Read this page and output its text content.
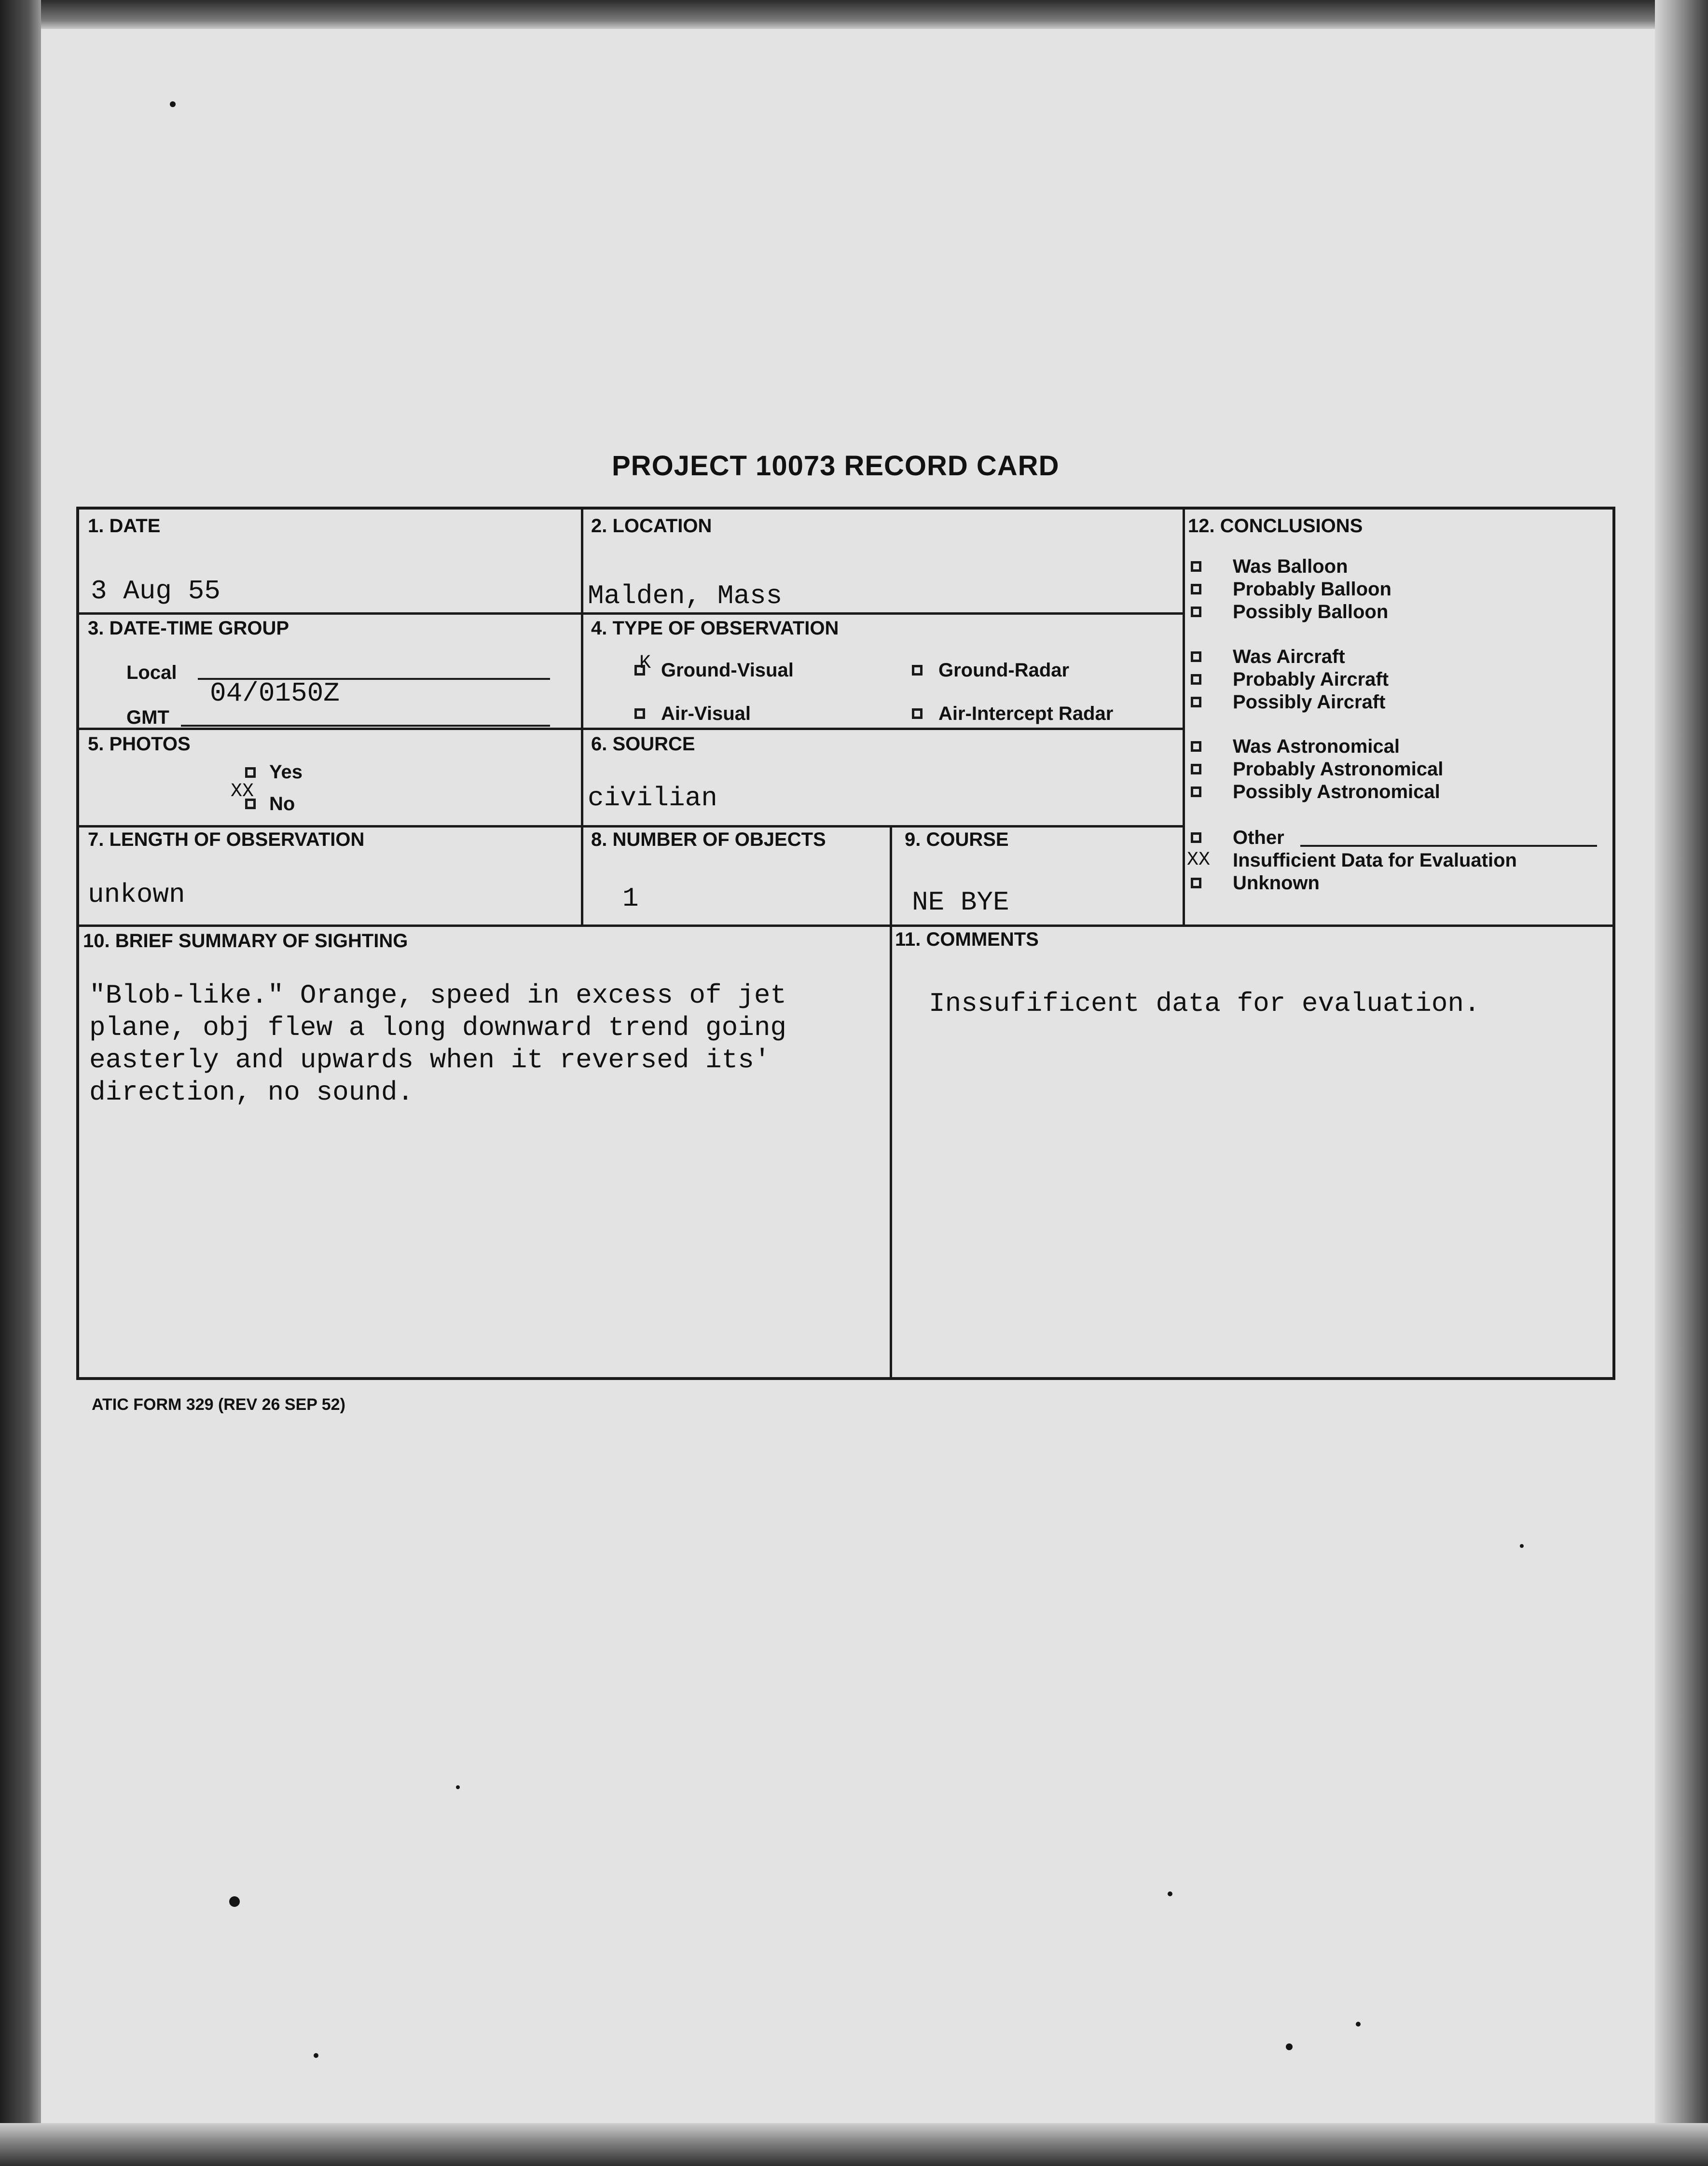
PROJECT 10073 RECORD CARD
1. DATE
3 Aug 55
2. LOCATION
Malden, Mass
3. DATE-TIME GROUP
Local
04/0150Z
GMT
4. TYPE OF OBSERVATION
K Ground-Visual	Ground-Radar
Air-Visual	Air-Intercept Radar
5. PHOTOS
Yes
XX
No
6. SOURCE
civilian
7. LENGTH OF OBSERVATION
unkown
8. NUMBER OF OBJECTS
1
9. COURSE
NE BYE
10. BRIEF SUMMARY OF SIGHTING
"Blob-like." Orange, speed in excess of jet
plane, obj flew a long downward trend going
easterly and upwards when it reversed its'
direction, no sound.
11. COMMENTS
Inssufificent data for evaluation.
12. CONCLUSIONS
Was Balloon
Probably Balloon
Possibly Balloon
Was Aircraft
Probably Aircraft
Possibly Aircraft
Was Astronomical
Probably Astronomical
Possibly Astronomical
Other
XX Insufficient Data for Evaluation
Unknown
ATIC FORM 329 (REV 26 SEP 52)
